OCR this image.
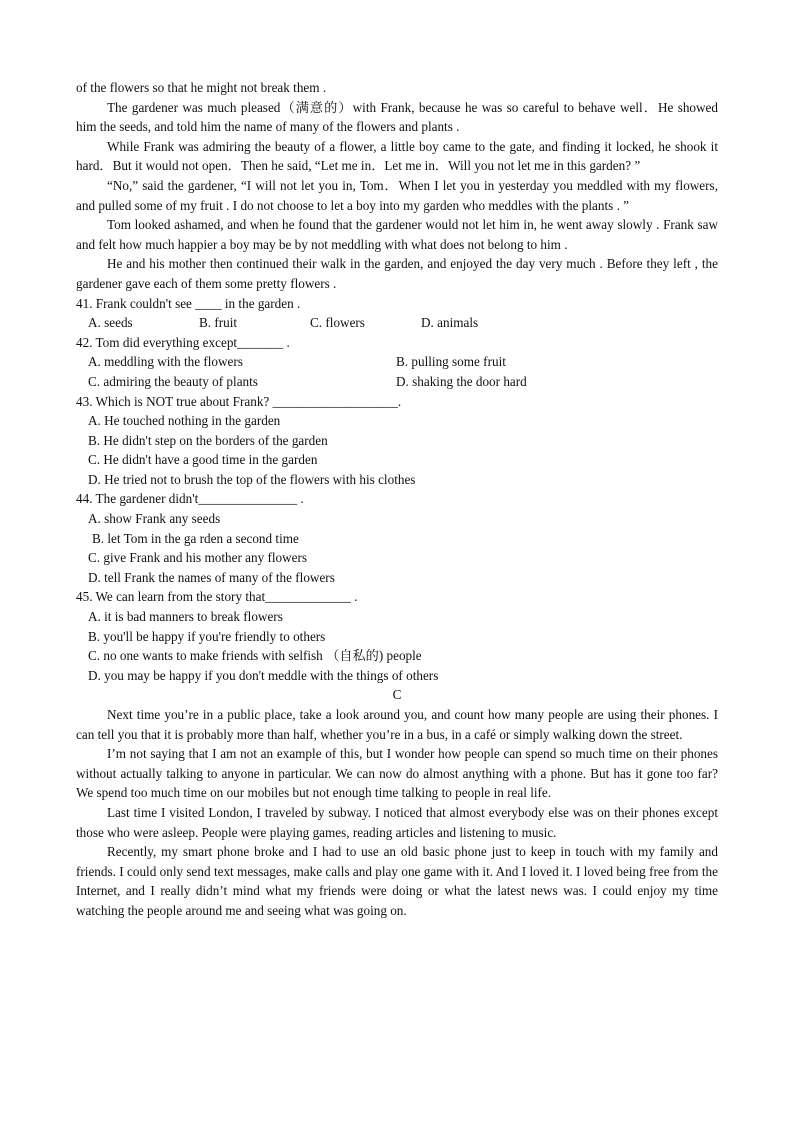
of the flowers so that he might not break them .

The gardener was much pleased（满意的）with Frank, because he was so careful to behave well．He showed him the seeds, and told him the name of many of the flowers and plants .

While Frank was admiring the beauty of a flower, a little boy came to the gate, and finding it locked, he shook it hard．But it would not open．Then he said, “Let me in．Let me in．Will you not let me in this garden? ”

“No,” said the gardener, “I will not let you in, Tom．When I let you in yesterday you meddled with my flowers, and pulled some of my fruit . I do not choose to let a boy into my garden who meddles with the plants . ”

Tom looked ashamed, and when he found that the gardener would not let him in, he went away slowly . Frank saw and felt how much happier a boy may be by not meddling with what does not belong to him .

He and his mother then continued their walk in the garden, and enjoyed the day very much . Before they left , the gardener gave each of them some pretty flowers .

41. Frank couldn't see ____ in the garden .

A. seeds	B. fruit	C. flowers	D. animals

42. Tom did everything except_______ .

A. meddling with the flowers	B. pulling some fruit
C. admiring the beauty of plants	D. shaking the door hard

43. Which is NOT true about Frank? ___________________.

A. He touched nothing in the garden

B. He didn't step on the borders of the garden

C. He didn't have a good time in the garden

D. He tried not to brush the top of the flowers with his clothes

44. The gardener didn't_______________ .

A. show Frank any seeds

B. let Tom in the ga rden a second time

C. give Frank and his mother any flowers

D. tell Frank the names of many of the flowers

45. We can learn from the story that_____________ .

A. it is bad manners to break flowers

B. you'll be happy if you're friendly to others

C. no one wants to make friends with selfish （自私的) people

D. you may be happy if you don't meddle with the things of others

C

Next time you’re in a public place, take a look around you, and count how many people are using their phones. I can tell you that it is probably more than half, whether you’re in a bus, in a café or simply walking down the street.

I’m not saying that I am not an example of this, but I wonder how people can spend so much time on their phones without actually talking to anyone in particular. We can now do almost anything with a phone. But has it gone too far? We spend too much time on our mobiles but not enough time talking to people in real life.

Last time I visited London, I traveled by subway. I noticed that almost everybody else was on their phones except those who were asleep. People were playing games, reading articles and listening to music.

Recently, my smart phone broke and I had to use an old basic phone just to keep in touch with my family and friends. I could only send text messages, make calls and play one game with it. And I loved it. I loved being free from the Internet, and I really didn’t mind what my friends were doing or what the latest news was. I could enjoy my time watching the people around me and seeing what was going on.
